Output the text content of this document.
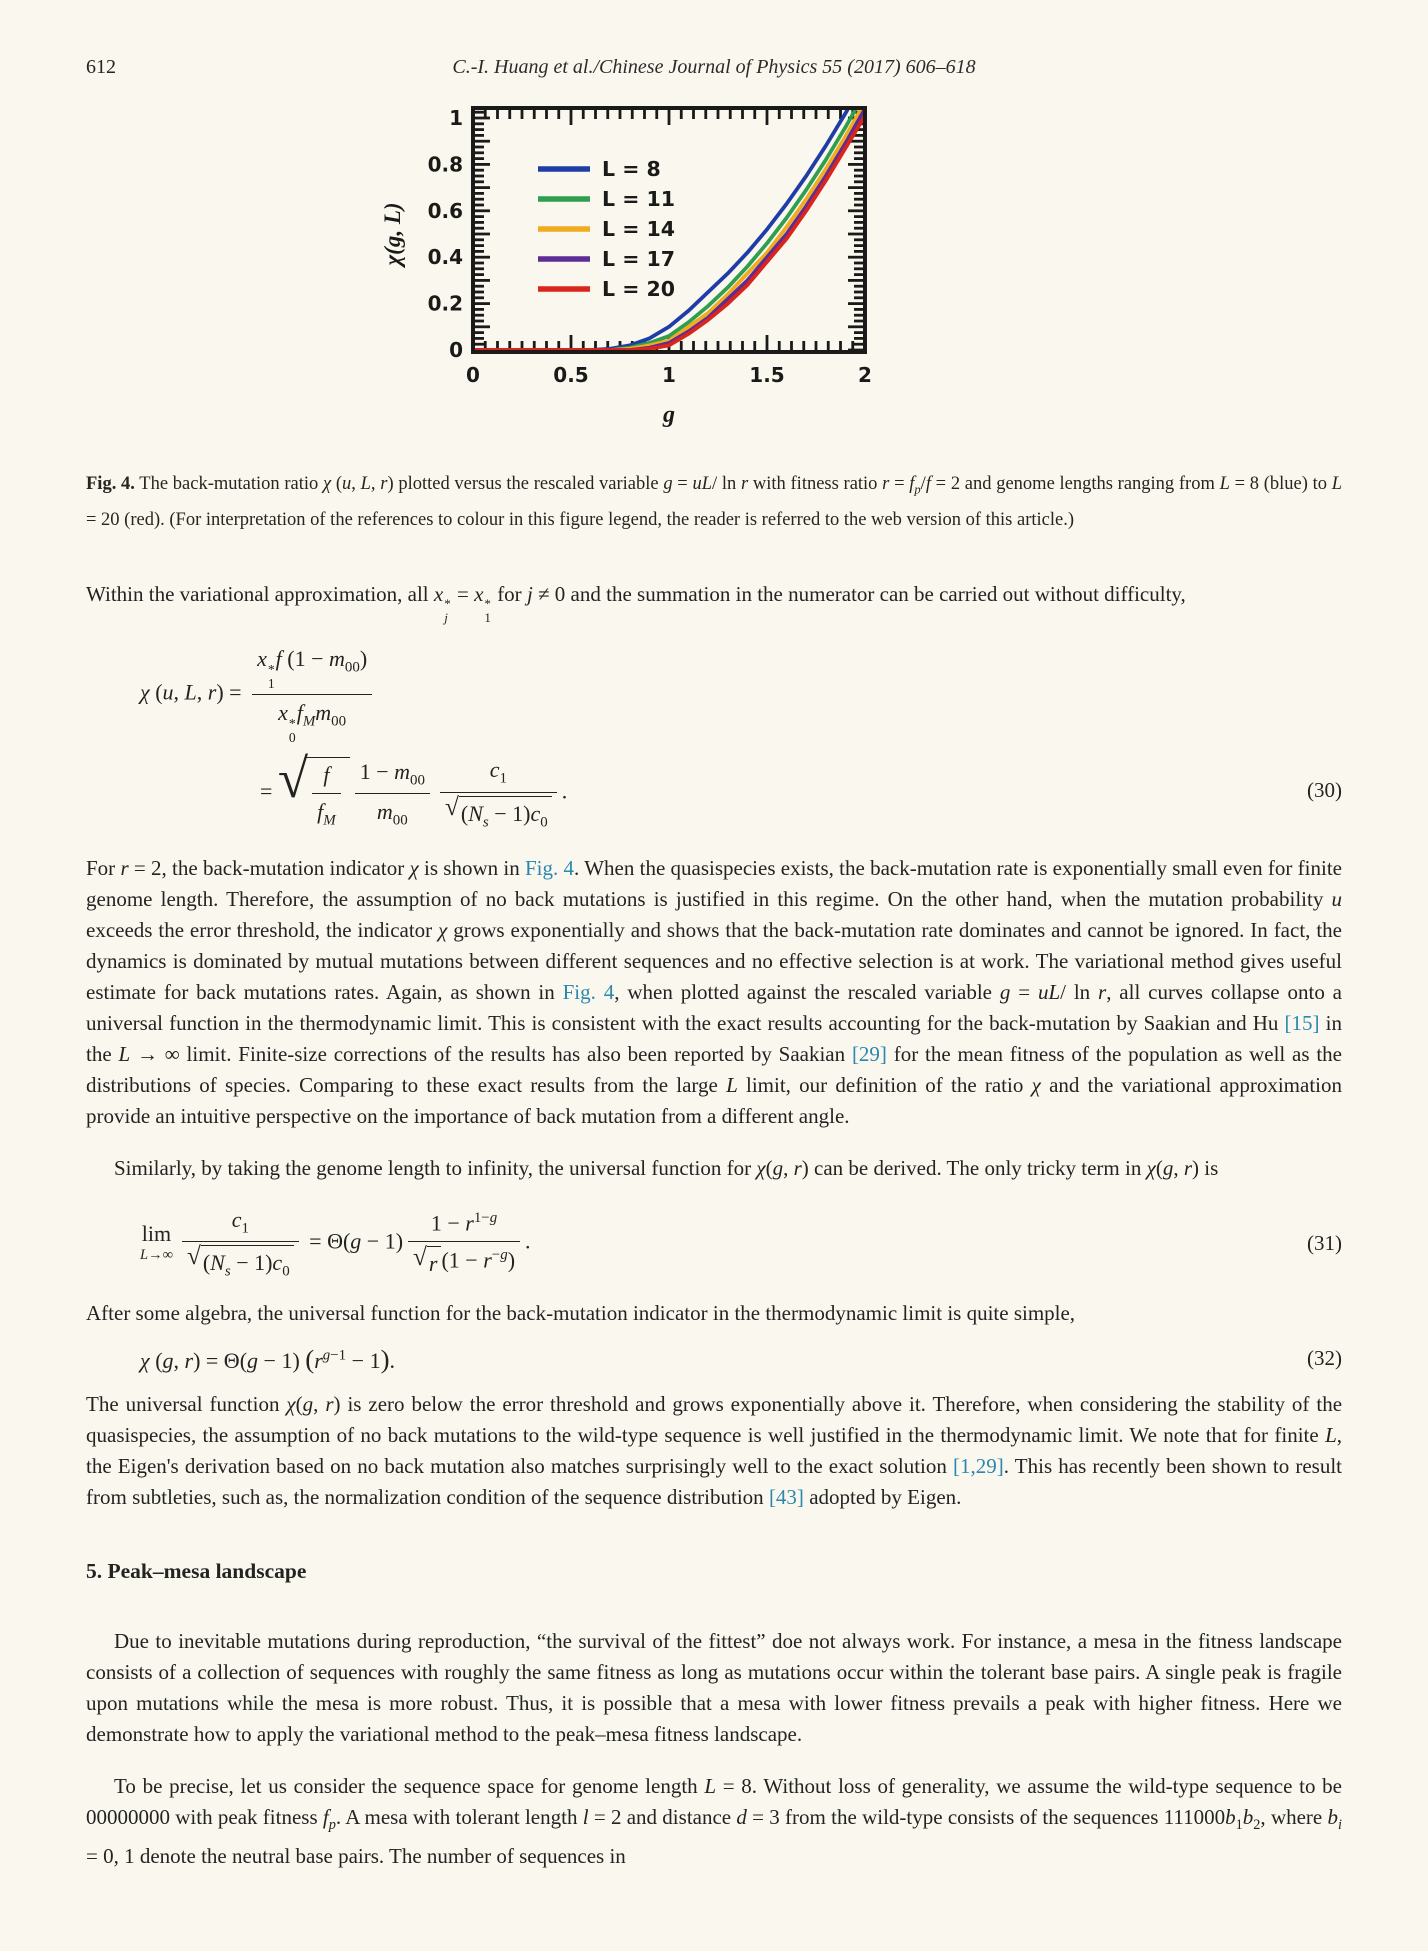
612	C.-I. Huang et al./Chinese Journal of Physics 55 (2017) 606–618
0
0.2
0.4
0.6
0.8
1
0	0.5	1	1.5	2
χ(g, L)
g
L = 8
L = 11
L = 14
L = 17
L = 20
Fig. 4. The back-mutation ratio χ (u, L, r) plotted versus the rescaled variable g = uL/ ln r with fitness ratio $r = f_p/f = 2$ and genome lengths ranging from L = 8 (blue) to L = 20 (red). (For interpretation of the references to colour in this figure legend, the reader is referred to the web version of this article.)

Within the variational approximation, all x *
j
= x *
1
for j ≠ 0 and the summation in the numerator can be carried out without difficulty,

χ (u, L, r) = x *
1
f $(1 - m_{00})$
x *
0
$f_Mm_{00}$
= √ $\frac{f}{f_M} \frac{1 - m_{00}}{m_{00}} \frac{c_1}{√ (N_s - 1)c_0}$ .	(30)

For r = 2, the back-mutation indicator χ is shown in Fig. 4. When the quasispecies exists, the back-mutation rate is exponentially small even for finite genome length. Therefore, the assumption of no back mutations is justified in this regime. On the other hand, when the mutation probability u exceeds the error threshold, the indicator χ grows exponentially and shows that the back-mutation rate dominates and cannot be ignored. In fact, the dynamics is dominated by mutual mutations between different sequences and no effective selection is at work. The variational method gives useful estimate for back mutations rates. Again, as shown in Fig. 4, when plotted against the rescaled variable g = uL/ ln r, all curves collapse onto a universal function in the thermodynamic limit. This is consistent with the exact results accounting for the back-mutation by Saakian and Hu [15] in the L → ∞ limit. Finite-size corrections of the results has also been reported by Saakian [29] for the mean fitness of the population as well as the distributions of species. Comparing to these exact results from the large L limit, our definition of the ratio χ and the variational approximation provide an intuitive perspective on the importance of back mutation from a different angle.

Similarly, by taking the genome length to infinity, the universal function for χ(g, r) can be derived. The only tricky term in χ(g, r) is

lim
$L\to\infty \frac{c_1}{√ (N_s - 1)c_0} = \Theta(g - 1) \frac{1 - r^{1-g}}{√ r (1 - r^{-g})}$ .	(31)

After some algebra, the universal function for the back-mutation indicator in the thermodynamic limit is quite simple,

χ (g, r) = Θ(g − 1) $(r^{g-1} - 1)$.	(32)

The universal function χ(g, r) is zero below the error threshold and grows exponentially above it. Therefore, when considering the stability of the quasispecies, the assumption of no back mutations to the wild-type sequence is well justified in the thermodynamic limit. We note that for finite L, the Eigen's derivation based on no back mutation also matches surprisingly well to the exact solution [1,29]. This has recently been shown to result from subtleties, such as, the normalization condition of the sequence distribution [43] adopted by Eigen.

5. Peak–mesa landscape

Due to inevitable mutations during reproduction, “the survival of the fittest” doe not always work. For instance, a mesa in the fitness landscape consists of a collection of sequences with roughly the same fitness as long as mutations occur within the tolerant base pairs. A single peak is fragile upon mutations while the mesa is more robust. Thus, it is possible that a mesa with lower fitness prevails a peak with higher fitness. Here we demonstrate how to apply the variational method to the peak–mesa fitness landscape.

To be precise, let us consider the sequence space for genome length L = 8. Without loss of generality, we assume the wild-type sequence to be 00000000 with peak fitness $f_p$. A mesa with tolerant length l = 2 and distance d = 3 from the wild-type consists of the sequences $111000b_1b_2$, where $b_i = 0$, 1 denote the neutral base pairs. The number of sequences in
